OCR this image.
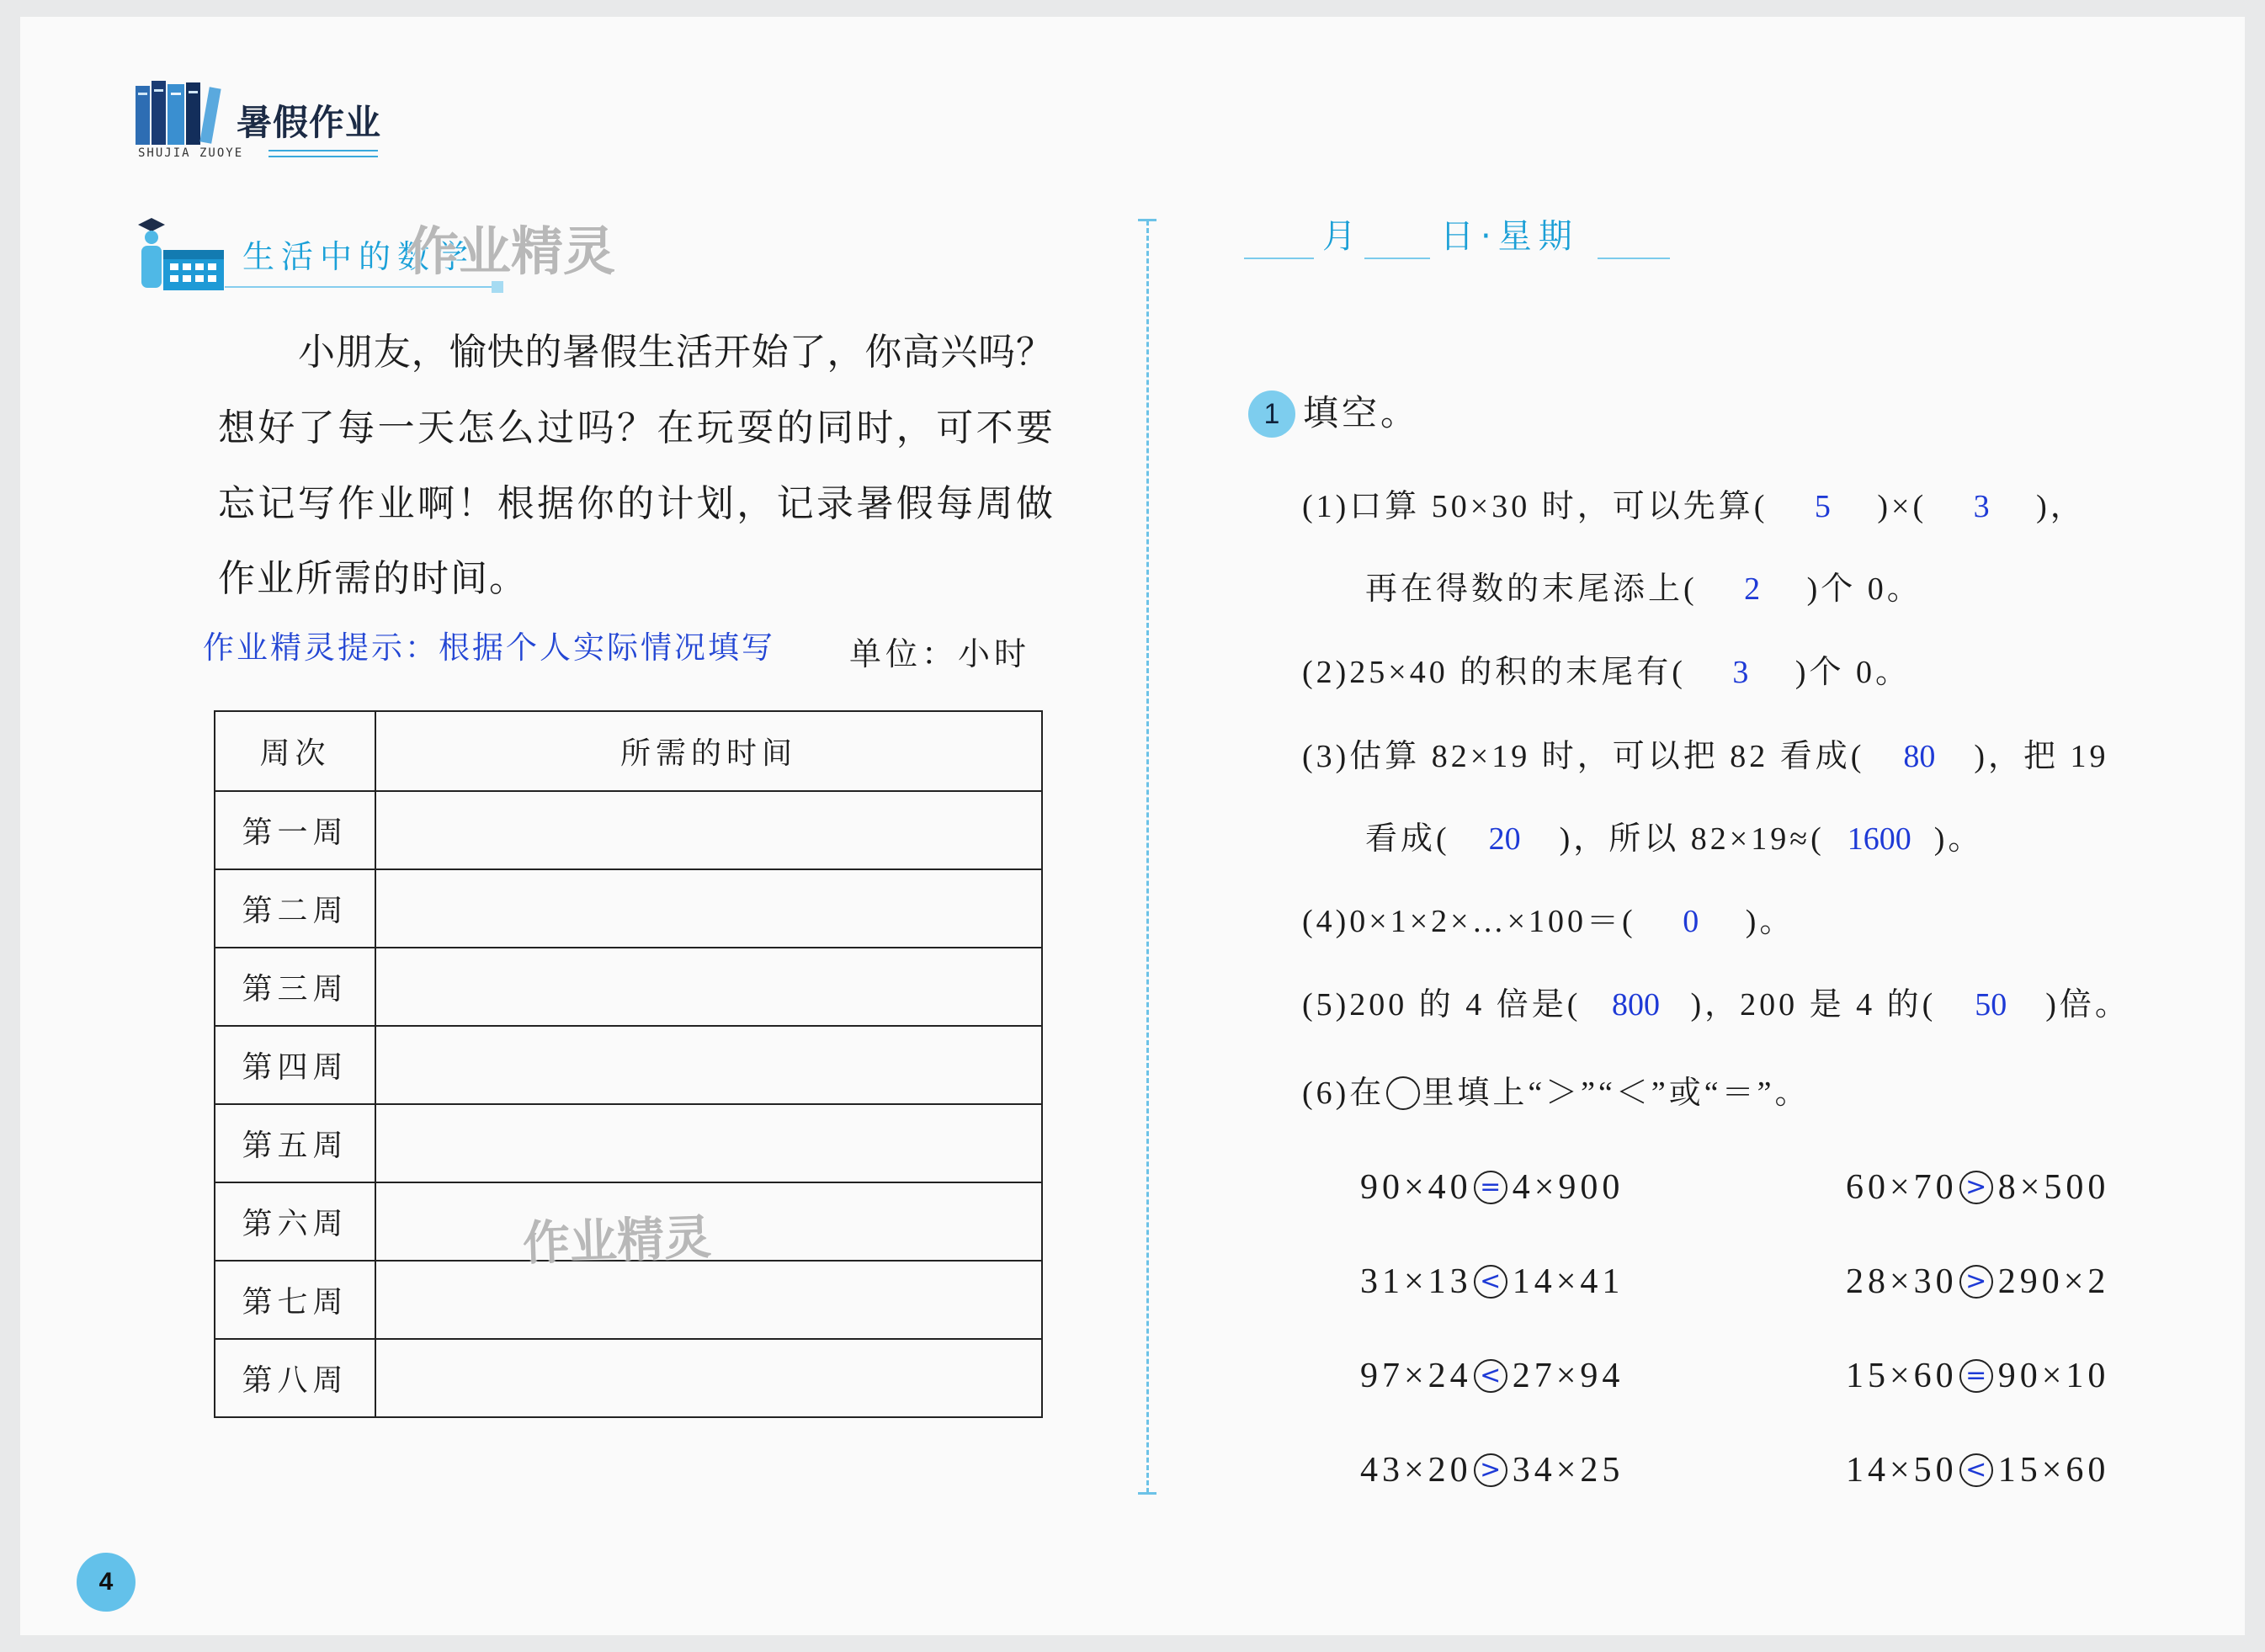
暑假作业
SHUJIA ZUOYE
生活中的数学
作业精灵
小朋友，愉快的暑假生活开始了，你高兴吗？
想好了每一天怎么过吗？在玩耍的同时，可不要
忘记写作业啊！根据你的计划，记录暑假每周做
作业所需的时间。
作业精灵提示：根据个人实际情况填写 单位：小时
周次	所需的时间
第一周	
第二周	
第三周	
第四周	
第五周	
第六周	
第七周	
第八周	
作业精灵
4
月 日·星期
1 填空。
(1)口算 50×30 时，可以先算( 5 )×( 3 )，
再在得数的末尾添上( 2 )个 0。
(2)25×40 的积的末尾有( 3 )个 0。
(3)估算 82×19 时，可以把 82 看成( 80 )，把 19
看成( 20 )，所以 82×19≈( 1600 )。
(4)0×1×2×…×100＝( 0 )。
(5)200 的 4 倍是( 800 )，200 是 4 的( 50 )倍。
(6)在 里填上“＞”“＜”或“＝”。
90×40 = 4×900	60×70 > 8×500
31×13 < 14×41	28×30 > 290×2
97×24 < 27×94	15×60 = 90×10
43×20 > 34×25	14×50 < 15×60
